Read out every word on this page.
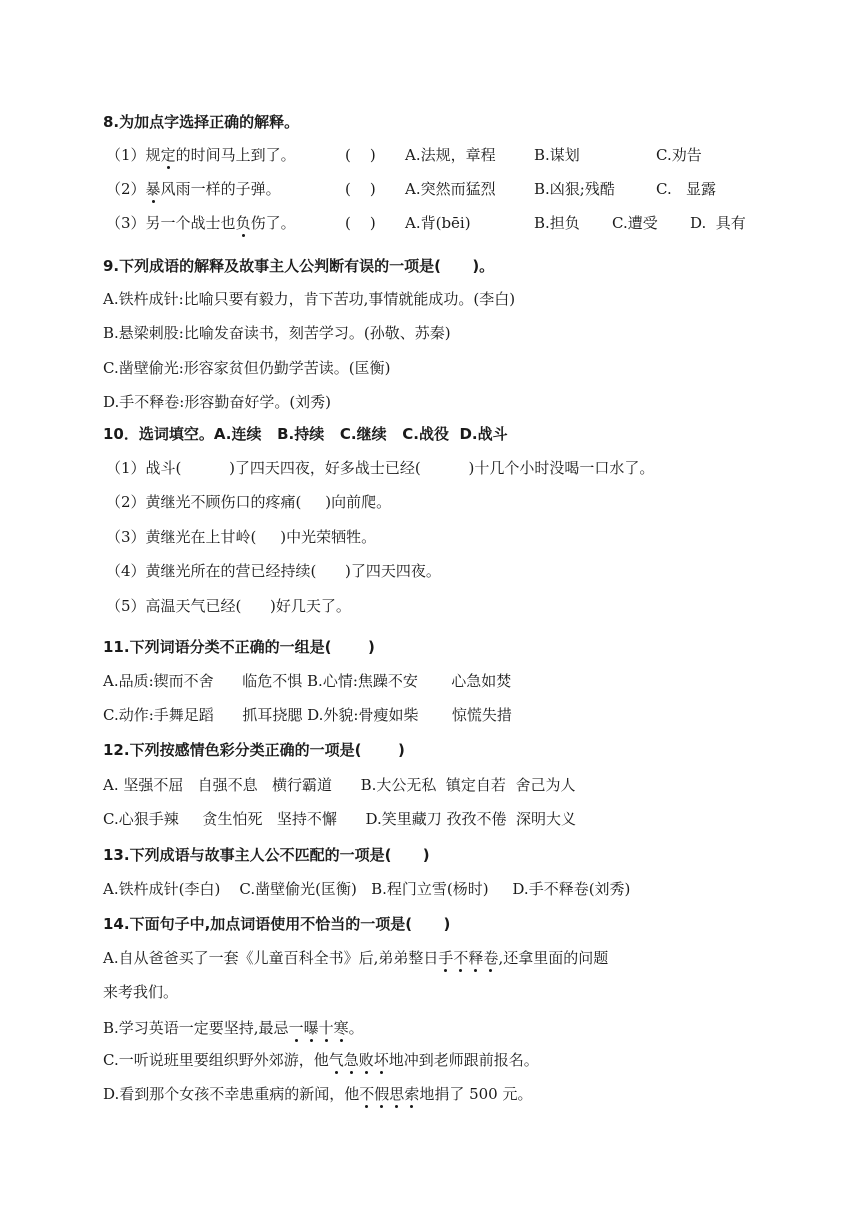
8.为加点字选择正确的解释。
（1）规定的时间马上到了。	(    ) A.法规，章程	B.谋划	C.劝告
（2）暴风雨一样的子弹。	(    ) A.突然而猛烈	B.凶狠;残酷	C.   显露
（3）另一个战士也负伤了。	(    ) A.背(bēi)	B.担负 C.遭受 D.  具有
9.下列成语的解释及故事主人公判断有误的一项是(      )。
A.铁杵成针:比喻只要有毅力，肯下苦功,事情就能成功。(李白)
B.悬梁刺股:比喻发奋读书，刻苦学习。(孙敬、苏秦)
C.凿壁偷光:形容家贫但仍勤学苦读。(匡衡)
D.手不释卷:形容勤奋好学。(刘秀)
10．选词填空。A.连续   B.持续   C.继续   C.战役  D.战斗
（1）战斗(          )了四天四夜，好多战士已经(          )十几个小时没喝一口水了。
（2）黄继光不顾伤口的疼痛(     )向前爬。
（3）黄继光在上甘岭(     )中光荣牺牲。
（4）黄继光所在的营已经持续(      )了四天四夜。
（5）高温天气已经(      )好几天了。
11.下列词语分类不正确的一组是(       )
A.品质:锲而不舍      临危不惧 B.心情:焦躁不安       心急如焚
C.动作:手舞足蹈      抓耳挠腮 D.外貌:骨瘦如柴       惊慌失措
12.下列按感情色彩分类正确的一项是(       )
A. 坚强不屈   自强不息   横行霸道      B.大公无私  镇定自若  舍己为人
C.心狠手辣     贪生怕死   坚持不懈      D.笑里藏刀 孜孜不倦  深明大义
13.下列成语与故事主人公不匹配的一项是(      )
A.铁杵成针(李白)    C.凿壁偷光(匡衡)   B.程门立雪(杨时)     D.手不释卷(刘秀)
14.下面句子中,加点词语使用不恰当的一项是(      )
A.自从爸爸买了一套《儿童百科全书》后,弟弟整日手不释卷,还拿里面的问题
来考我们。
B.学习英语一定要坚持,最忌一曝十寒。
C.一听说班里要组织野外郊游，他气急败坏地冲到老师跟前报名。
D.看到那个女孩不幸患重病的新闻，他不假思索地捐了 500 元。
